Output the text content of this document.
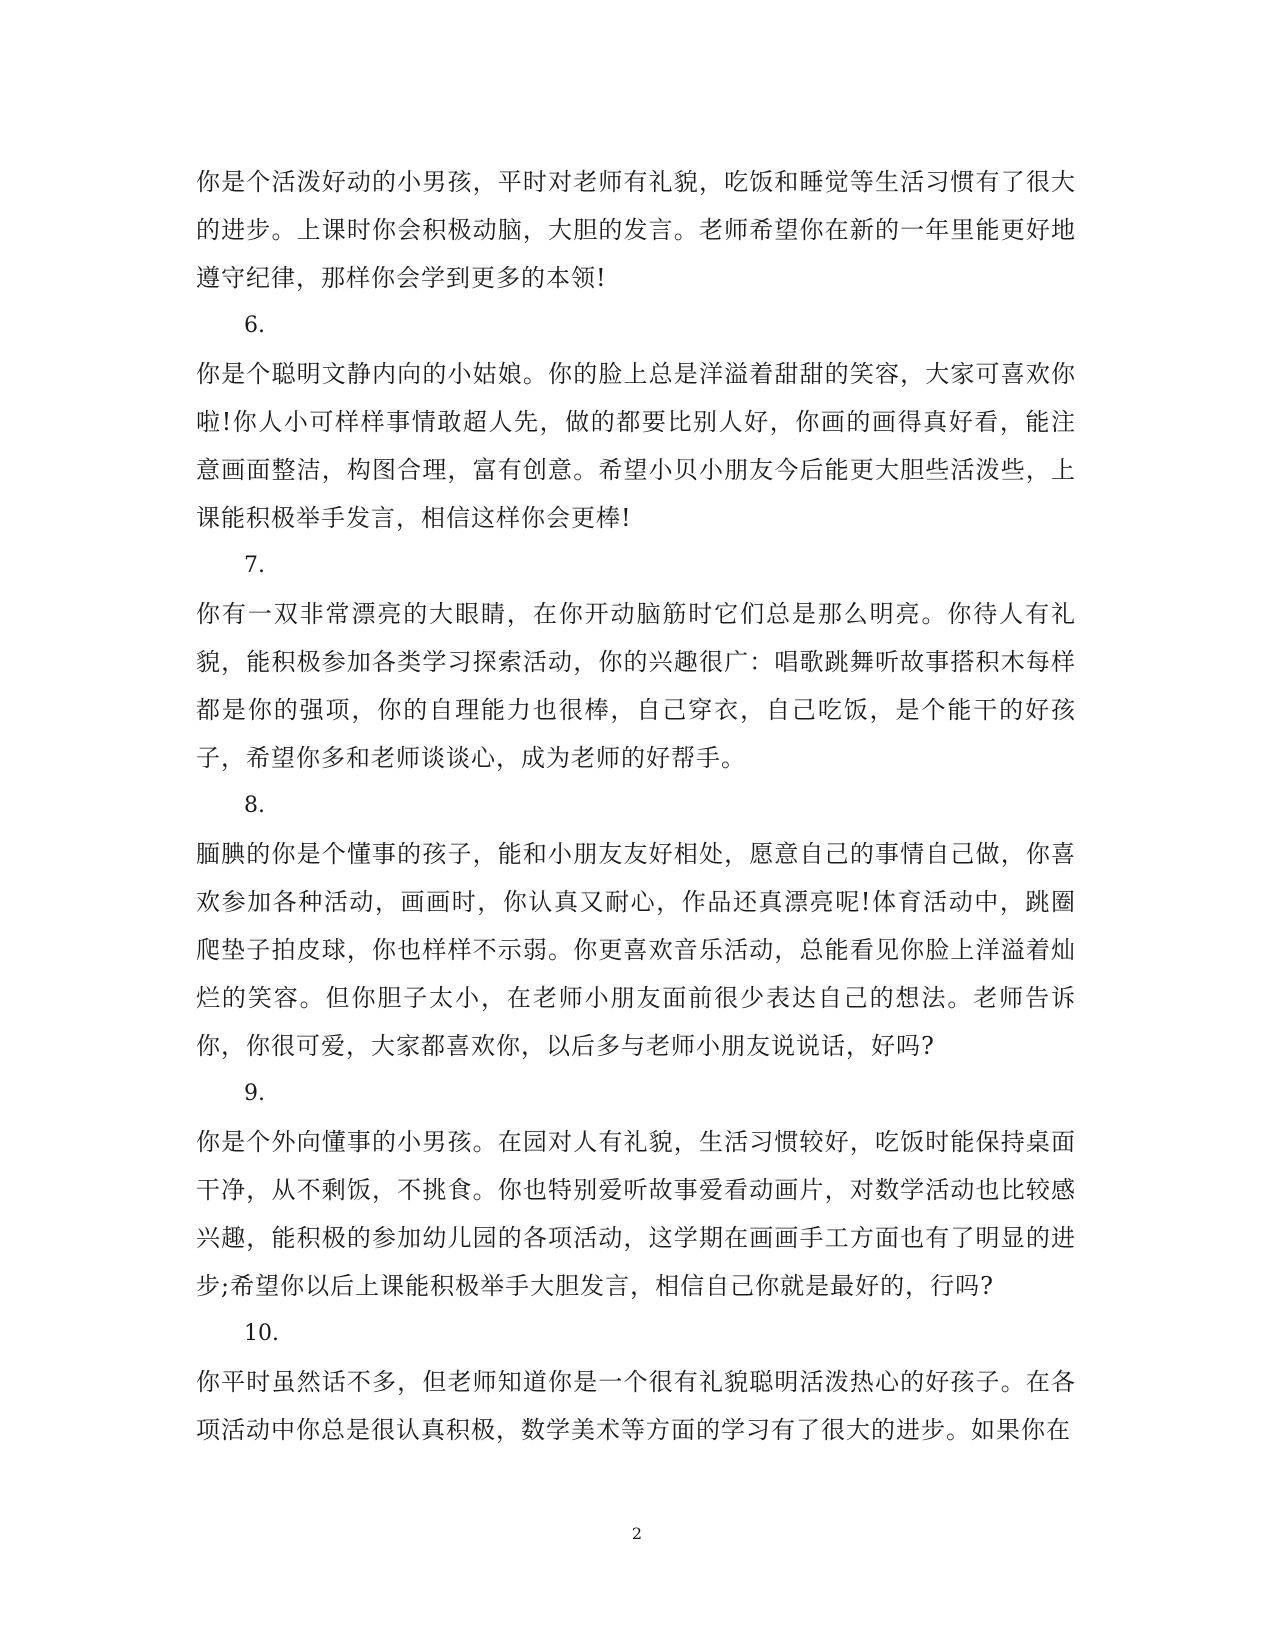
你是个活泼好动的小男孩，平时对老师有礼貌，吃饭和睡觉等生活习惯有了很大的进步。上课时你会积极动脑，大胆的发言。老师希望你在新的一年里能更好地遵守纪律，那样你会学到更多的本领!

6.

你是个聪明文静内向的小姑娘。你的脸上总是洋溢着甜甜的笑容，大家可喜欢你啦!你人小可样样事情敢超人先，做的都要比别人好，你画的画得真好看，能注意画面整洁，构图合理，富有创意。希望小贝小朋友今后能更大胆些活泼些，上课能积极举手发言，相信这样你会更棒!

7.

你有一双非常漂亮的大眼睛，在你开动脑筋时它们总是那么明亮。你待人有礼貌，能积极参加各类学习探索活动，你的兴趣很广：唱歌跳舞听故事搭积木每样都是你的强项，你的自理能力也很棒，自己穿衣，自己吃饭，是个能干的好孩子，希望你多和老师谈谈心，成为老师的好帮手。

8.

腼腆的你是个懂事的孩子，能和小朋友友好相处，愿意自己的事情自己做，你喜欢参加各种活动，画画时，你认真又耐心，作品还真漂亮呢!体育活动中，跳圈爬垫子拍皮球，你也样样不示弱。你更喜欢音乐活动，总能看见你脸上洋溢着灿烂的笑容。但你胆子太小，在老师小朋友面前很少表达自己的想法。老师告诉你，你很可爱，大家都喜欢你，以后多与老师小朋友说说话，好吗?

9.

你是个外向懂事的小男孩。在园对人有礼貌，生活习惯较好，吃饭时能保持桌面干净，从不剩饭，不挑食。你也特别爱听故事爱看动画片，对数学活动也比较感兴趣，能积极的参加幼儿园的各项活动，这学期在画画手工方面也有了明显的进步;希望你以后上课能积极举手大胆发言，相信自己你就是最好的，行吗?

10.

你平时虽然话不多，但老师知道你是一个很有礼貌聪明活泼热心的好孩子。在各项活动中你总是很认真积极，数学美术等方面的学习有了很大的进步。如果你在

2
